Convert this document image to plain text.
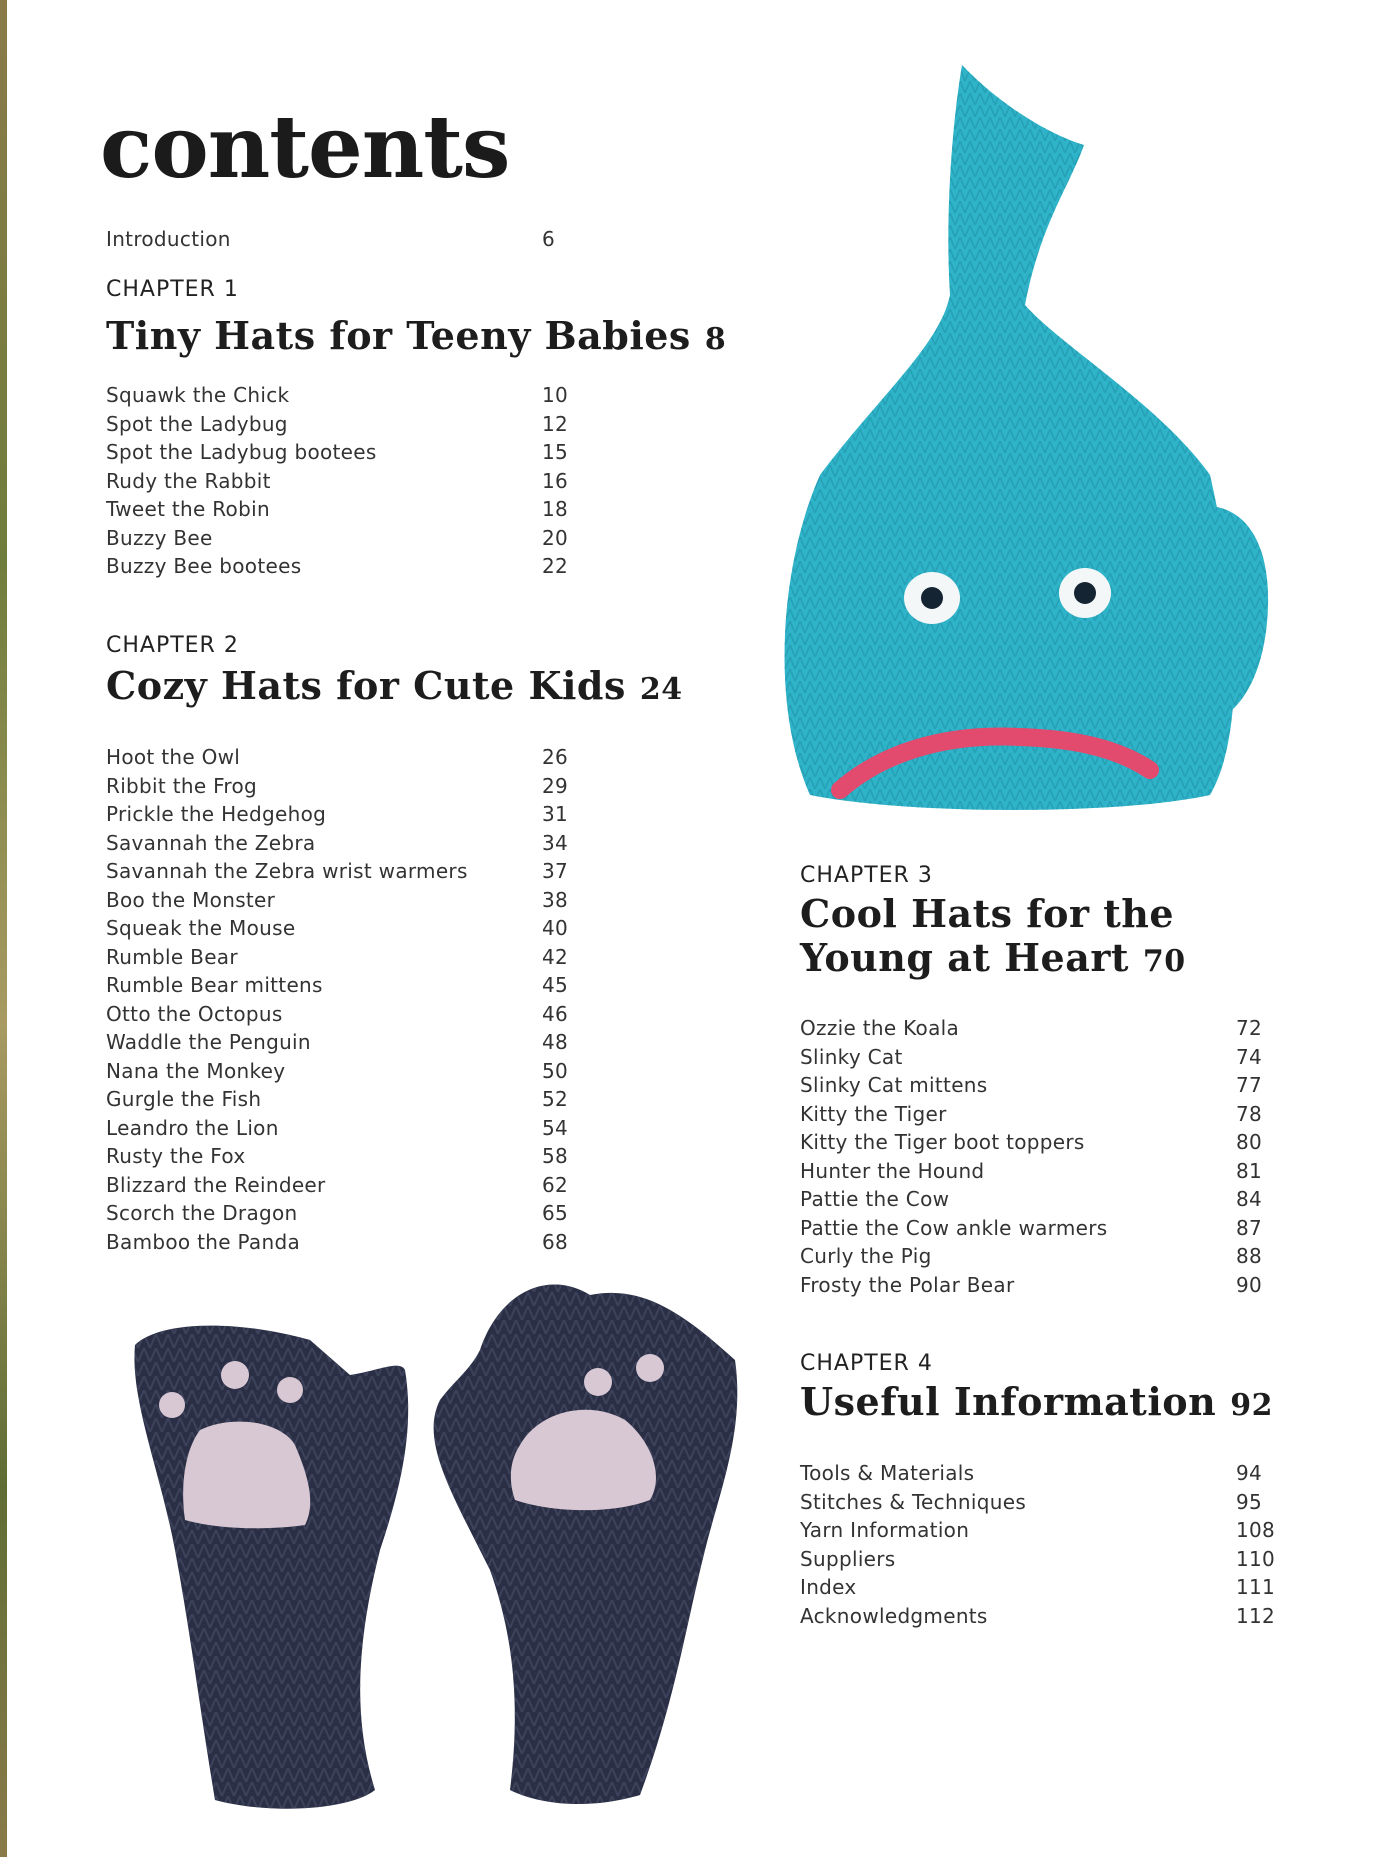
contents
Introduction	6
CHAPTER 1
Tiny Hats for Teeny Babies 8
Squawk the Chick	10
Spot the Ladybug	12
Spot the Ladybug bootees	15
Rudy the Rabbit	16
Tweet the Robin	18
Buzzy Bee	20
Buzzy Bee bootees	22
CHAPTER 2
Cozy Hats for Cute Kids 24
Hoot the Owl	26
Ribbit the Frog	29
Prickle the Hedgehog	31
Savannah the Zebra	34
Savannah the Zebra wrist warmers	37
Boo the Monster	38
Squeak the Mouse	40
Rumble Bear	42
Rumble Bear mittens	45
Otto the Octopus	46
Waddle the Penguin	48
Nana the Monkey	50
Gurgle the Fish	52
Leandro the Lion	54
Rusty the Fox	58
Blizzard the Reindeer	62
Scorch the Dragon	65
Bamboo the Panda	68
CHAPTER 3
Cool Hats for the
Young at Heart 70
Ozzie the Koala	72
Slinky Cat	74
Slinky Cat mittens	77
Kitty the Tiger	78
Kitty the Tiger boot toppers	80
Hunter the Hound	81
Pattie the Cow	84
Pattie the Cow ankle warmers	87
Curly the Pig	88
Frosty the Polar Bear	90
CHAPTER 4
Useful Information 92
Tools & Materials	94
Stitches & Techniques	95
Yarn Information	108
Suppliers	110
Index	111
Acknowledgments	112
